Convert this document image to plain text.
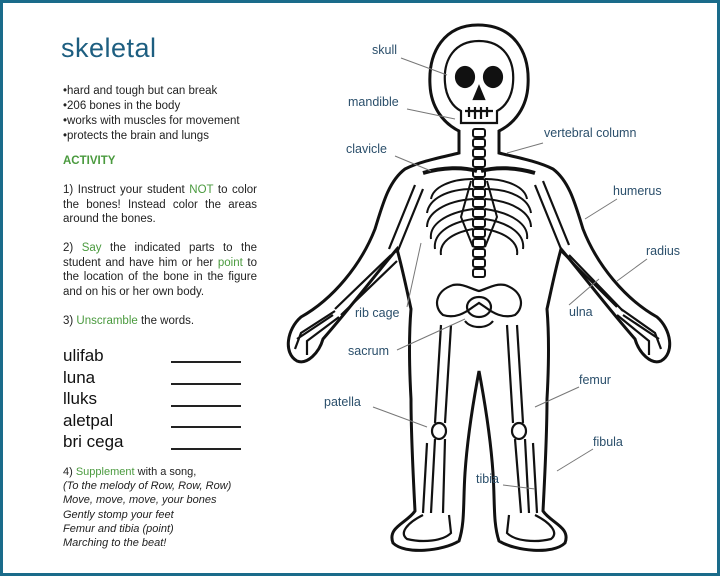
skeletal
• hard and tough but can break
• 206 bones in the body
• works with muscles for movement
• protects the brain and lungs
ACTIVITY
1) Instruct your student NOT to color the bones! Instead color the areas around the bones.
2) Say the indicated parts to the student and have him or her point to the location of the bone in the figure and on his or her own body.
3) Unscramble the words.
ulifab
luna
lluks
aletpal
bri cega
4) Supplement with a song,
(To the melody of Row, Row, Row)
Move, move, move, your bones
Gently stomp your feet
Femur and tibia (point)
Marching to the beat!
skull
mandible
vertebral column
clavicle
humerus
radius
rib cage	ulna
sacrum
femur
patella
fibula
tibia
